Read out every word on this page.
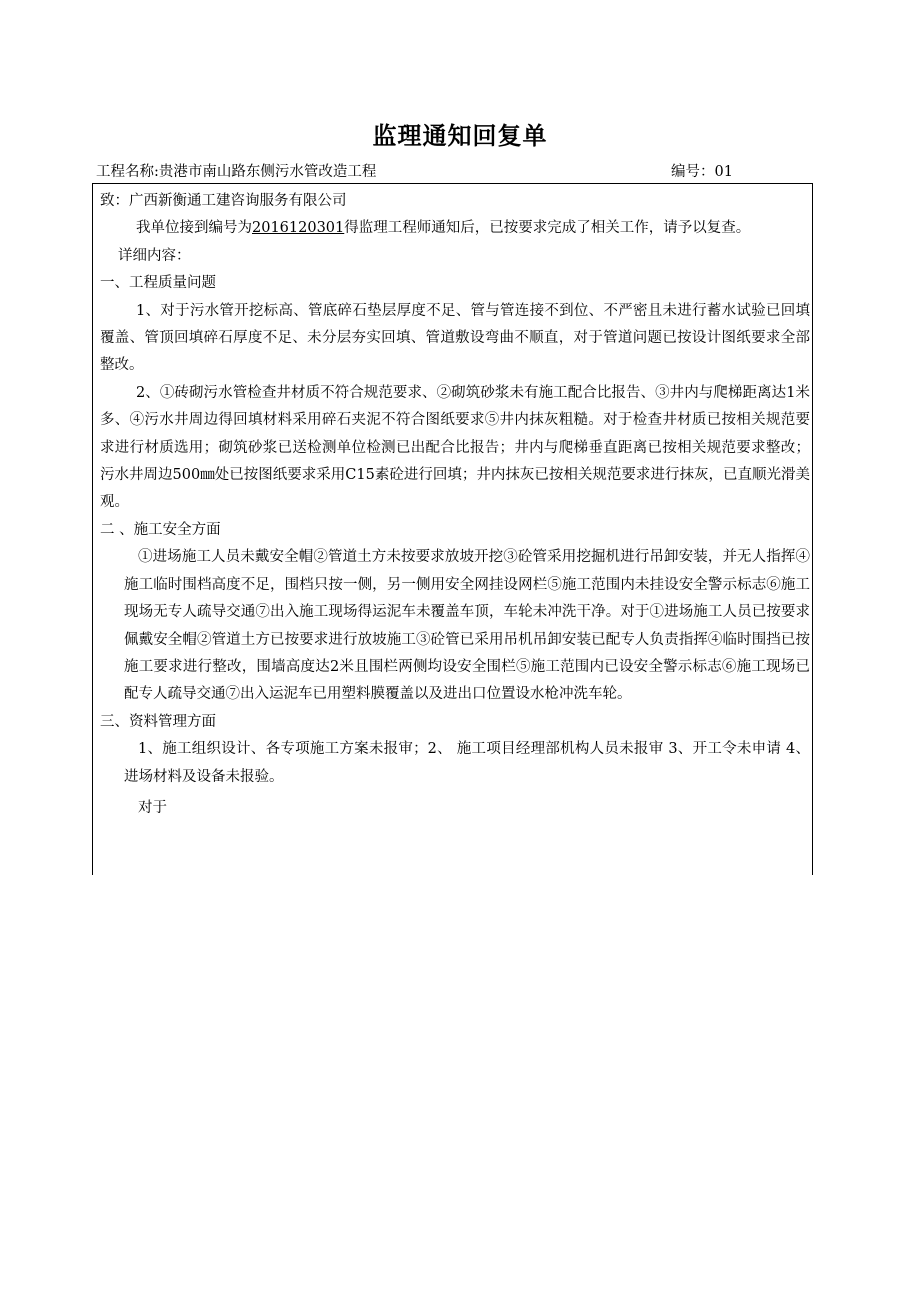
监理通知回复单
工程名称:贵港市南山路东侧污水管改造工程	编号：01

致：广西新衡通工建咨询服务有限公司

我单位接到编号为2016120301得监理工程师通知后，已按要求完成了相关工作，请予以复查。

详细内容：

一、工程质量问题

1、对于污水管开挖标高、管底碎石垫层厚度不足、管与管连接不到位、不严密且未进行蓄水试验已回填覆盖、管顶回填碎石厚度不足、未分层夯实回填、管道敷设弯曲不顺直，对于管道问题已按设计图纸要求全部整改。

2、①砖砌污水管检查井材质不符合规范要求、②砌筑砂浆未有施工配合比报告、③井内与爬梯距离达1米多、④污水井周边得回填材料采用碎石夹泥不符合图纸要求⑤井内抹灰粗糙。对于检查井材质已按相关规范要求进行材质选用；砌筑砂浆已送检测单位检测已出配合比报告；井内与爬梯垂直距离已按相关规范要求整改；污水井周边500㎜处已按图纸要求采用C15素砼进行回填；井内抹灰已按相关规范要求进行抹灰，已直顺光滑美观。

二 、施工安全方面

①进场施工人员未戴安全帽②管道土方未按要求放坡开挖③砼管采用挖掘机进行吊卸安装，并无人指挥④施工临时围档高度不足，围档只按一侧，另一侧用安全网挂设网栏⑤施工范围内未挂设安全警示标志⑥施工现场无专人疏导交通⑦出入施工现场得运泥车未覆盖车顶，车轮未冲洗干净。对于①进场施工人员已按要求佩戴安全帽②管道土方已按要求进行放坡施工③砼管已采用吊机吊卸安装已配专人负责指挥④临时围挡已按施工要求进行整改，围墙高度达2米且围栏两侧均设安全围栏⑤施工范围内已设安全警示标志⑥施工现场已配专人疏导交通⑦出入运泥车已用塑料膜覆盖以及进出口位置设水枪冲洗车轮。

三、资料管理方面

1、施工组织设计、各专项施工方案未报审；2、 施工项目经理部机构人员未报审 3、开工令未申请 4、进场材料及设备未报验。

对于
